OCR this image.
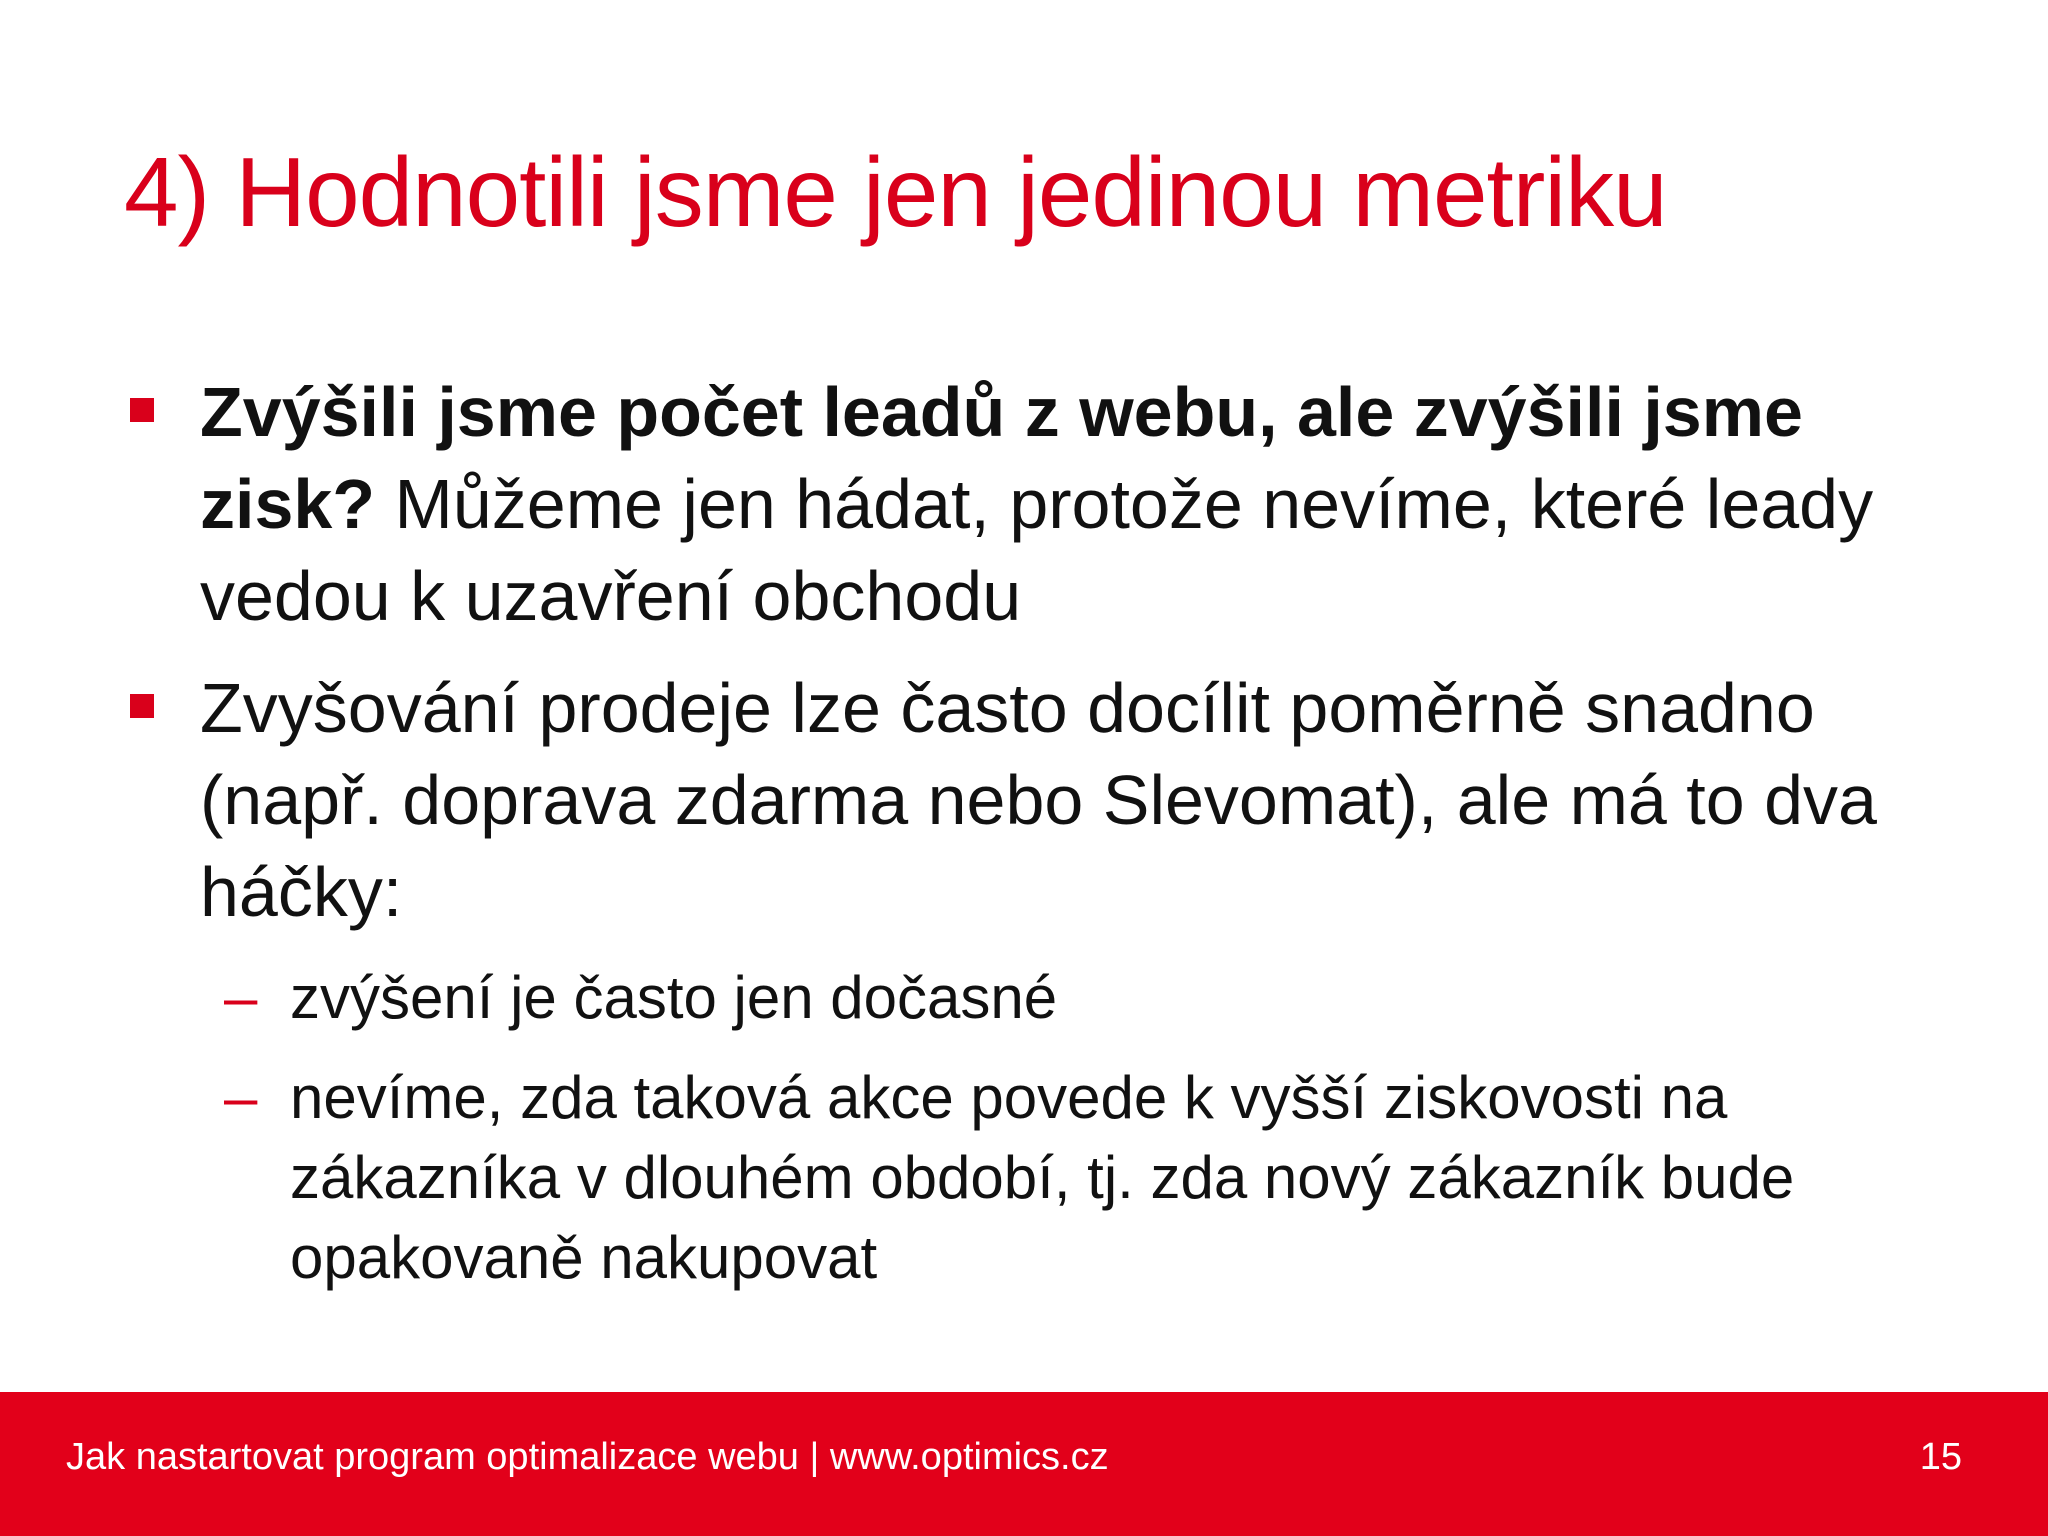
4) Hodnotili jsme jen jedinou metriku

Zvýšili jsme počet leadů z webu, ale zvýšili jsme zisk? Můžeme jen hádat, protože nevíme, které leady vedou k uzavření obchodu

Zvyšování prodeje lze často docílit poměrně snadno (např. doprava zdarma nebo Slevomat), ale má to dva háčky:

– zvýšení je často jen dočasné

– nevíme, zda taková akce povede k vyšší ziskovosti na zákazníka v dlouhém období, tj. zda nový zákazník bude opakovaně nakupovat

Jak nastartovat program optimalizace webu | www.optimics.cz	15
